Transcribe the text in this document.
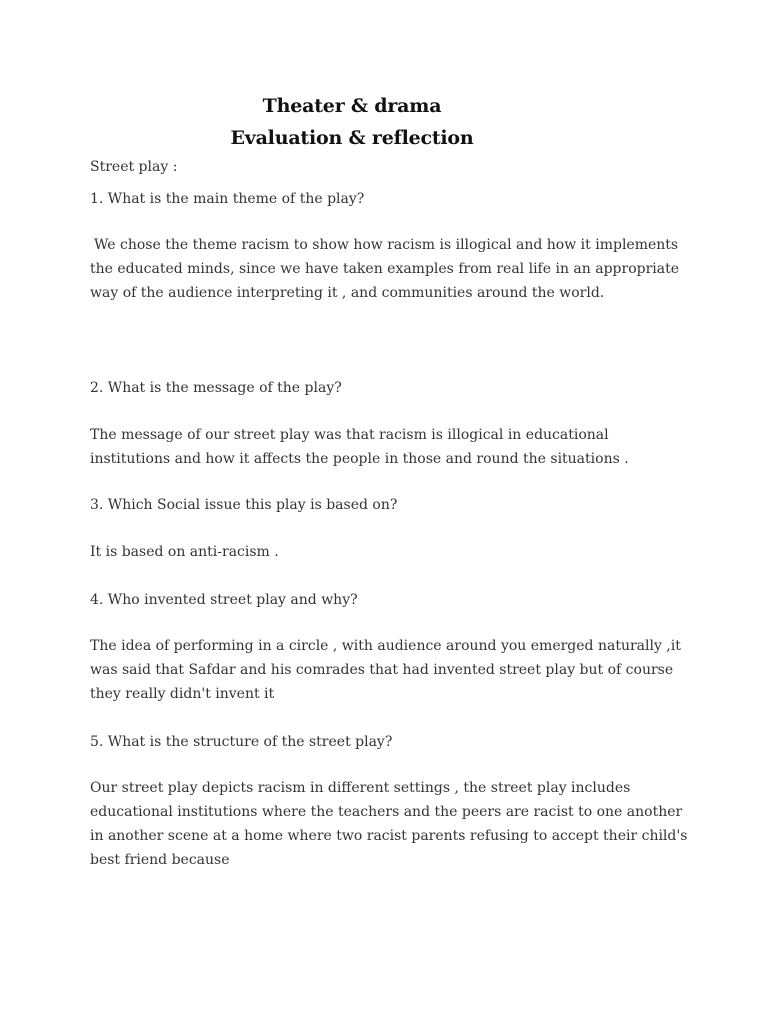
Theater & drama
Evaluation & reflection
Street play :
1. What is the main theme of the play?
We chose the theme racism to show how racism is illogical and how it implements the educated minds, since we have taken examples from real life in an appropriate way of the audience interpreting it , and communities around the world.
2. What is the message of the play?
The message of our street play was that racism is illogical in educational institutions and how it affects the people in those and round the situations .
3. Which Social issue this play is based on?
It is based on anti-racism .
4. Who invented street play and why?
The idea of performing in a circle , with audience around you emerged naturally ,it was said that Safdar and his comrades that had invented street play but of course they really didn't invent it
5. What is the structure of the street play?
Our street play depicts racism in different settings , the street play includes educational institutions where the teachers and the peers are racist to one another in another scene at a home where two racist parents refusing to accept their child's best friend because
